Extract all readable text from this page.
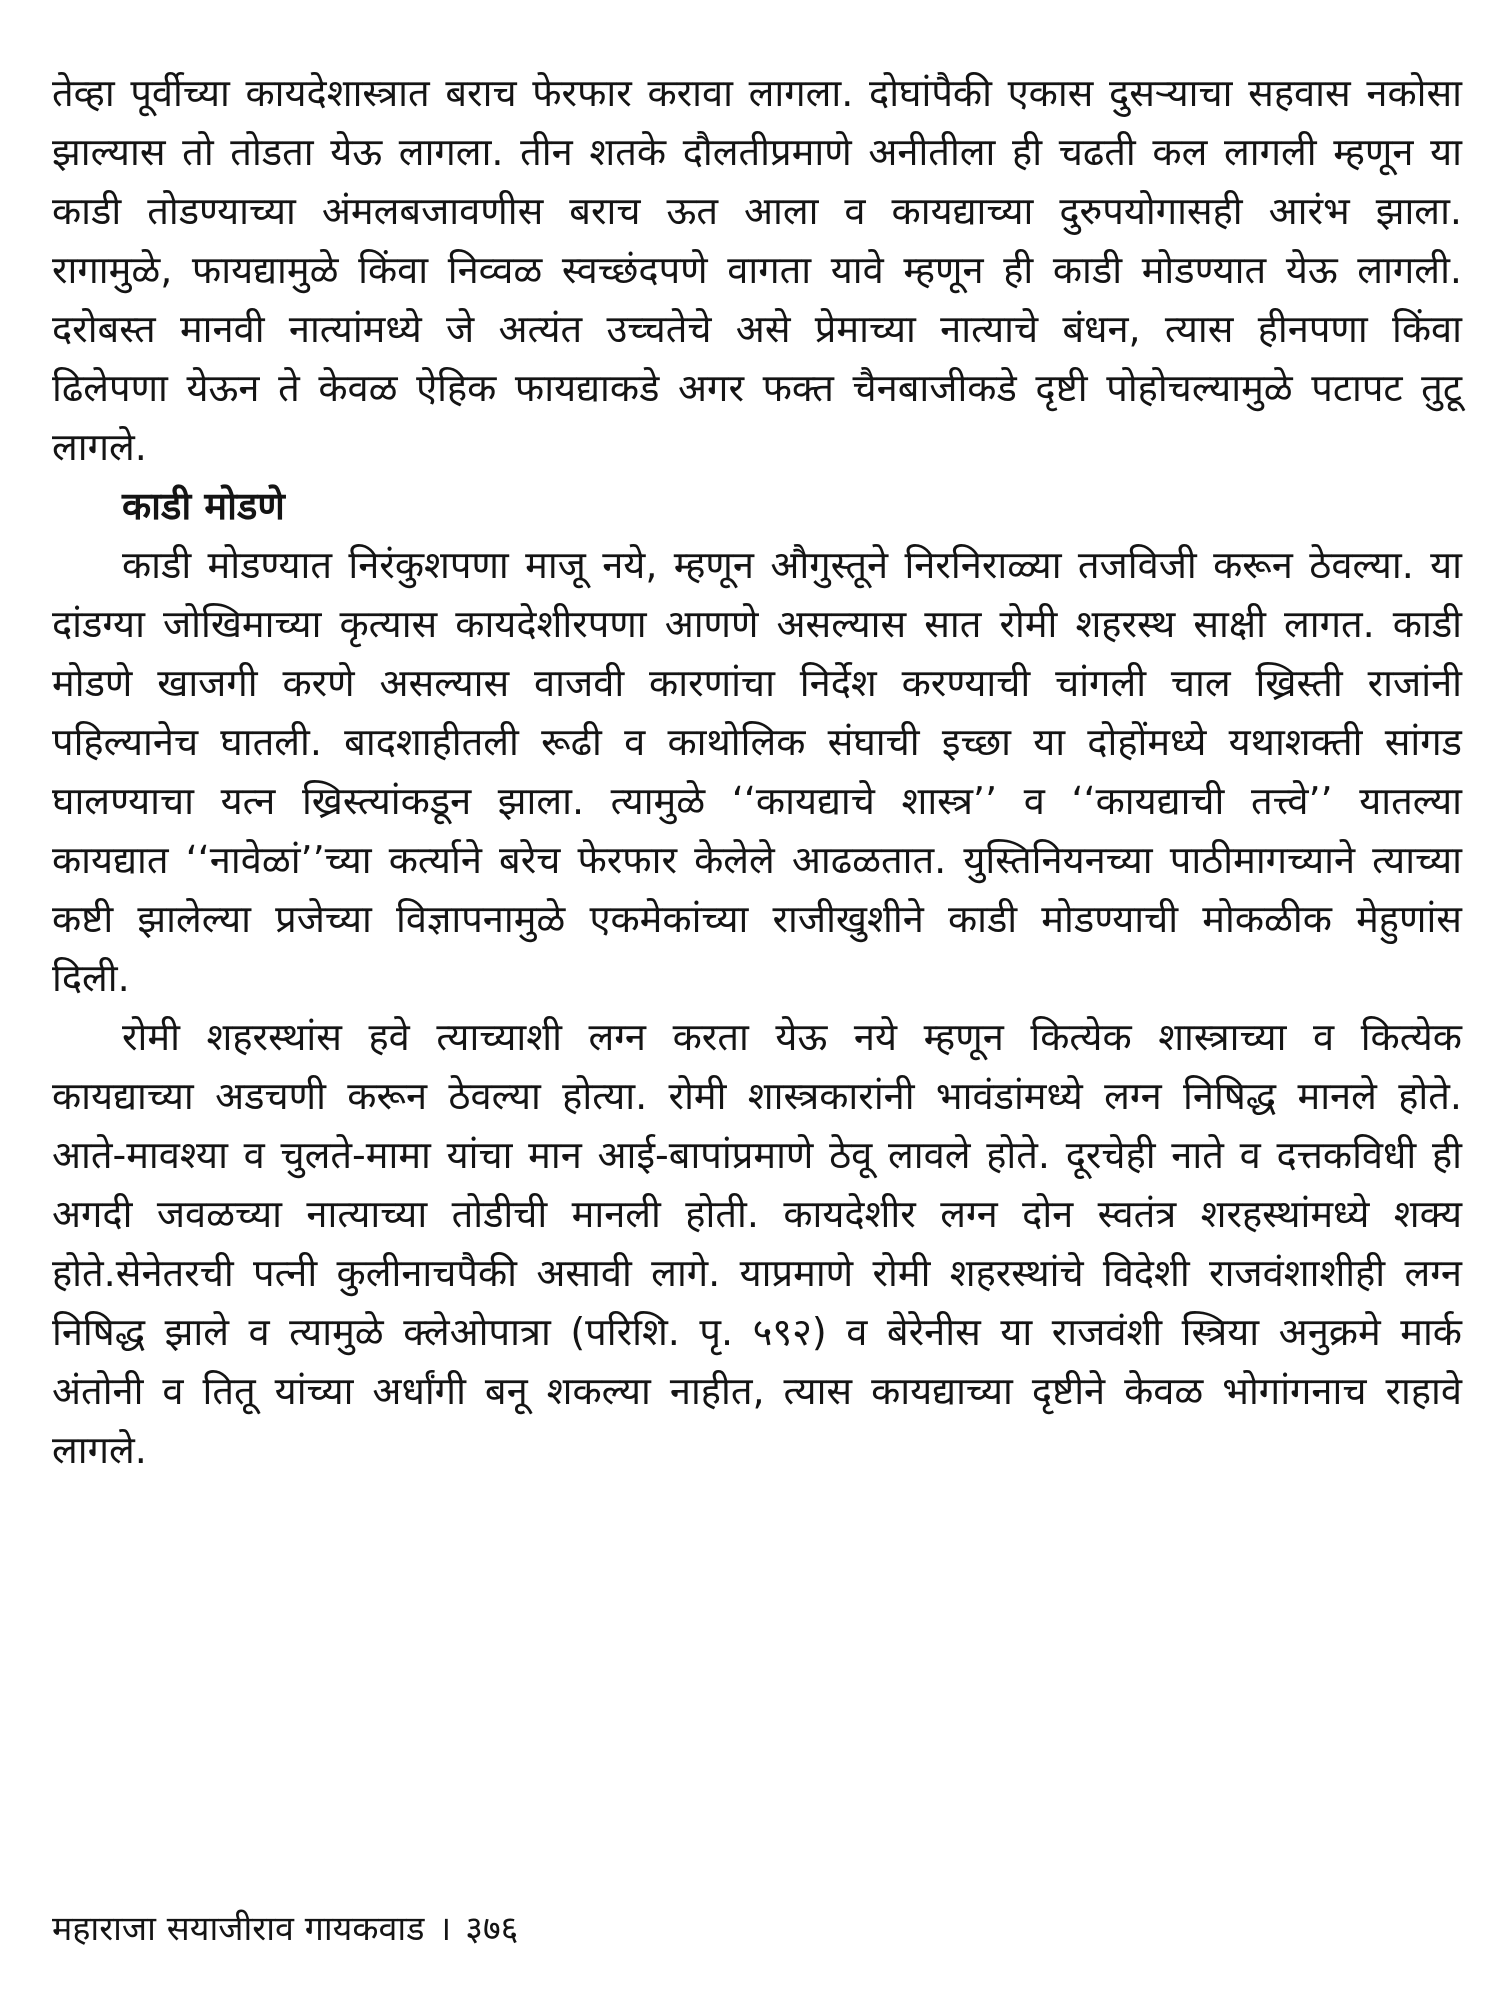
तेव्हा पूर्वीच्या कायदेशास्त्रात बराच फेरफार करावा लागला. दोघांपैकी एकास दुसऱ्याचा सहवास नकोसा झाल्यास तो तोडता येऊ लागला. तीन शतके दौलतीप्रमाणे अनीतीला ही चढती कल लागली म्हणून या काडी तोडण्याच्या अंमलबजावणीस बराच ऊत आला व कायद्याच्या दुरुपयोगासही आरंभ झाला. रागामुळे, फायद्यामुळे किंवा निव्वळ स्वच्छंदपणे वागता यावे म्हणून ही काडी मोडण्यात येऊ लागली. दरोबस्त मानवी नात्यांमध्ये जे अत्यंत उच्चतेचे असे प्रेमाच्या नात्याचे बंधन, त्यास हीनपणा किंवा ढिलेपणा येऊन ते केवळ ऐहिक फायद्याकडे अगर फक्त चैनबाजीकडे दृष्टी पोहोचल्यामुळे पटापट तुटू लागले.

काडी मोडणे

काडी मोडण्यात निरंकुशपणा माजू नये, म्हणून औगुस्तूने निरनिराळ्या तजविजी करून ठेवल्या. या दांडग्या जोखिमाच्या कृत्यास कायदेशीरपणा आणणे असल्यास सात रोमी शहरस्थ साक्षी लागत. काडी मोडणे खाजगी करणे असल्यास वाजवी कारणांचा निर्देश करण्याची चांगली चाल ख्रिस्ती राजांनी पहिल्यानेच घातली. बादशाहीतली रूढी व काथोलिक संघाची इच्छा या दोहोंमध्ये यथाशक्ती सांगड घालण्याचा यत्न ख्रिस्त्यांकडून झाला. त्यामुळे ‘‘कायद्याचे शास्त्र’’ व ‘‘कायद्याची तत्त्वे’’ यातल्या कायद्यात ‘‘नावेळां’’च्या कर्त्याने बरेच फेरफार केलेले आढळतात. युस्तिनियनच्या पाठीमागच्याने त्याच्या कष्टी झालेल्या प्रजेच्या विज्ञापनामुळे एकमेकांच्या राजीखुशीने काडी मोडण्याची मोकळीक मेहुणांस दिली.

रोमी शहरस्थांस हवे त्याच्याशी लग्न करता येऊ नये म्हणून कित्येक शास्त्राच्या व कित्येक कायद्याच्या अडचणी करून ठेवल्या होत्या. रोमी शास्त्रकारांनी भावंडांमध्ये लग्न निषिद्ध मानले होते. आते-मावश्या व चुलते-मामा यांचा मान आई-बापांप्रमाणे ठेवू लावले होते. दूरचेही नाते व दत्तकविधी ही अगदी जवळच्या नात्याच्या तोडीची मानली होती. कायदेशीर लग्न दोन स्वतंत्र शरहस्थांमध्ये शक्य होते.सेनेतरची पत्नी कुलीनाचपैकी असावी लागे. याप्रमाणे रोमी शहरस्थांचे विदेशी राजवंशाशीही लग्न निषिद्ध झाले व त्यामुळे क्लेओपात्रा (परिशि. पृ. ५९२) व बेरेनीस या राजवंशी स्त्रिया अनुक्रमे मार्क अंतोनी व तितू यांच्या अर्धांगी बनू शकल्या नाहीत, त्यास कायद्याच्या दृष्टीने केवळ भोगांगनाच राहावे लागले.

महाराजा सयाजीराव गायकवाड । ३७६
